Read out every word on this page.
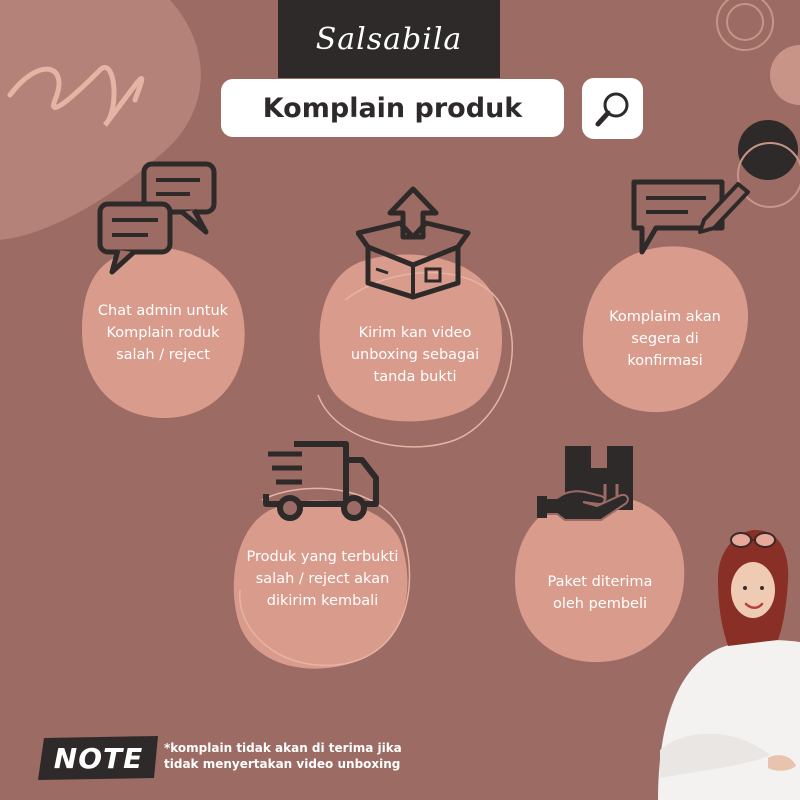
Salsabila
Komplain produk
Chat admin untuk
Komplain roduk
salah / reject
Kirim kan video
unboxing sebagai
tanda bukti
Komplaim akan
segera di
konfirmasi
Produk yang terbukti
salah / reject akan
dikirim kembali
Paket diterima
oleh pembeli
NOTE	*komplain tidak akan di terima jika
tidak menyertakan video unboxing
